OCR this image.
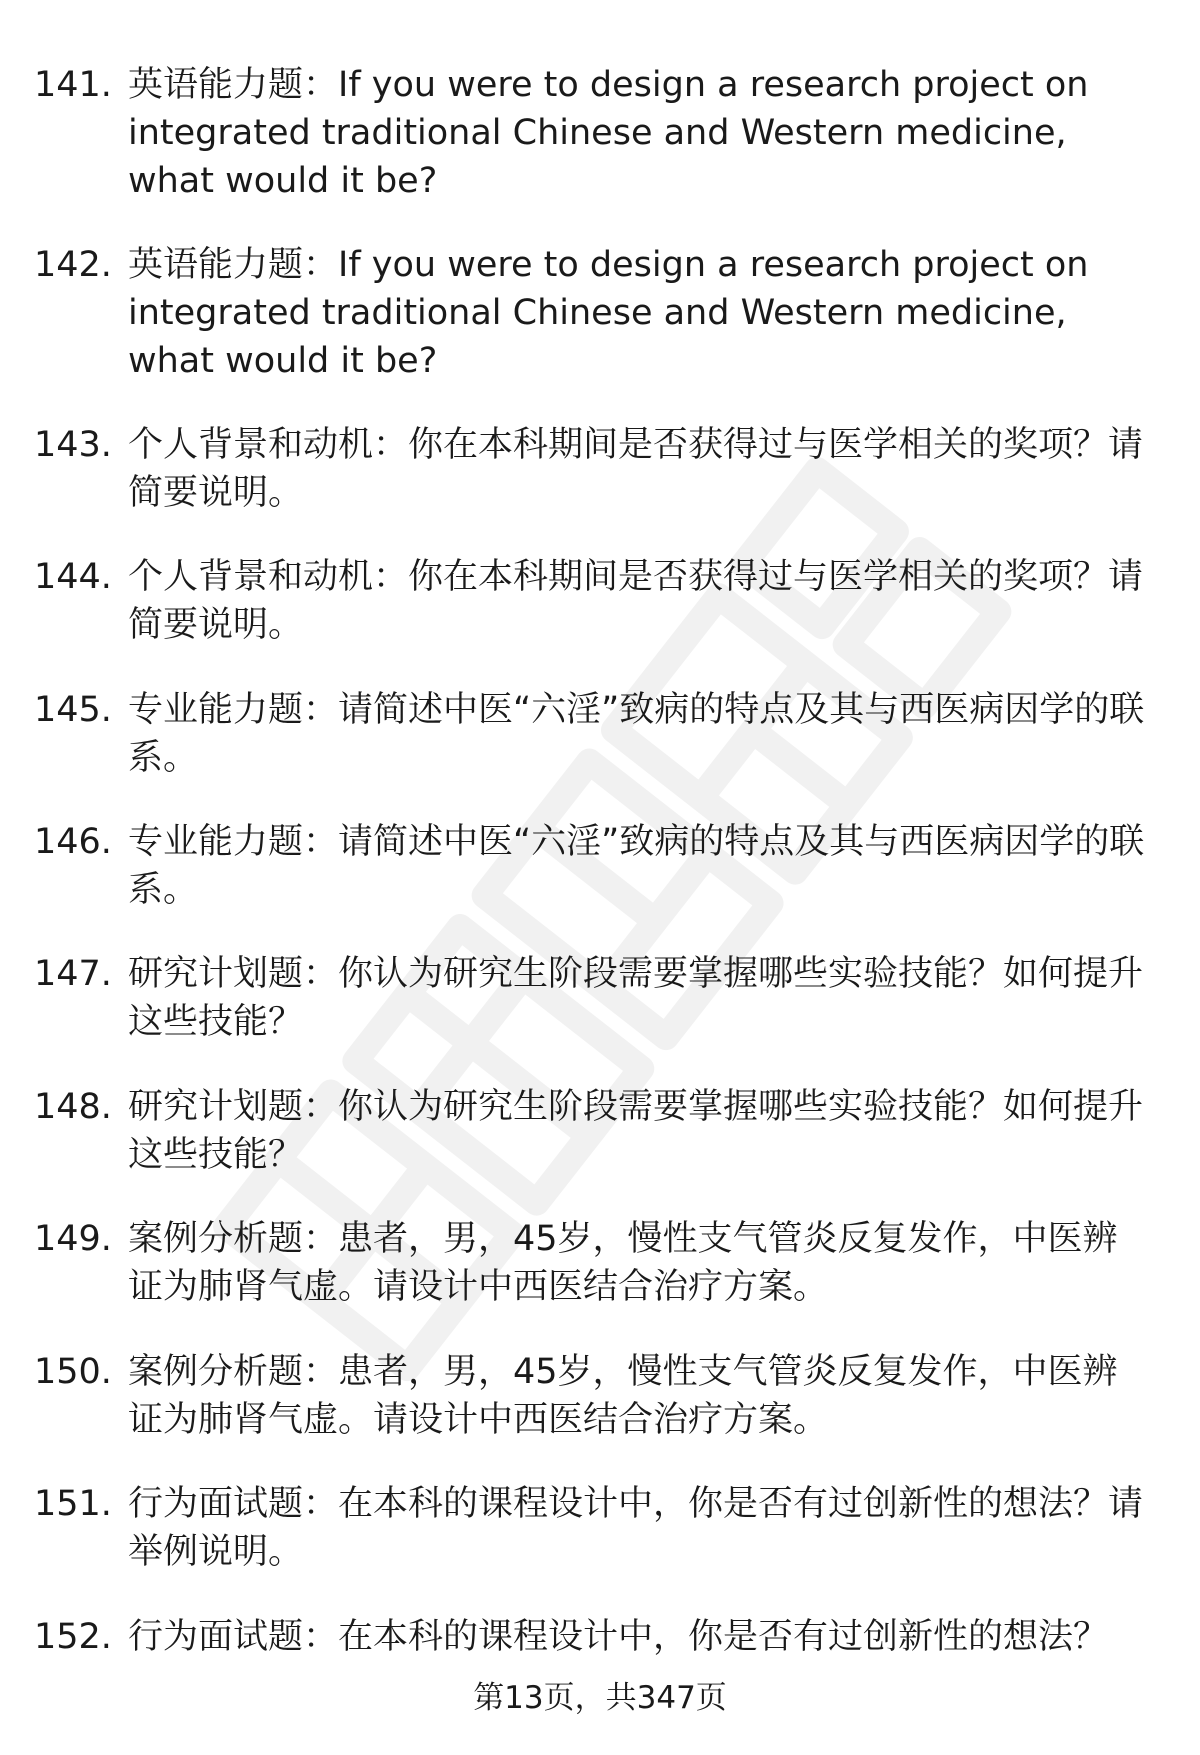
141. 英语能力题：If you were to design a research project on integrated traditional Chinese and Western medicine, what would it be?
142. 英语能力题：If you were to design a research project on integrated traditional Chinese and Western medicine, what would it be?
143. 个人背景和动机：你在本科期间是否获得过与医学相关的奖项？请简要说明。
144. 个人背景和动机：你在本科期间是否获得过与医学相关的奖项？请简要说明。
145. 专业能力题：请简述中医“六淫”致病的特点及其与西医病因学的联系。
146. 专业能力题：请简述中医“六淫”致病的特点及其与西医病因学的联系。
147. 研究计划题：你认为研究生阶段需要掌握哪些实验技能？如何提升这些技能？
148. 研究计划题：你认为研究生阶段需要掌握哪些实验技能？如何提升这些技能？
149. 案例分析题：患者，男，45岁，慢性支气管炎反复发作，中医辨证为肺肾气虚。请设计中西医结合治疗方案。
150. 案例分析题：患者，男，45岁，慢性支气管炎反复发作，中医辨证为肺肾气虚。请设计中西医结合治疗方案。
151. 行为面试题：在本科的课程设计中，你是否有过创新性的想法？请举例说明。
152. 行为面试题：在本科的课程设计中，你是否有过创新性的想法？
第13页，共347页
